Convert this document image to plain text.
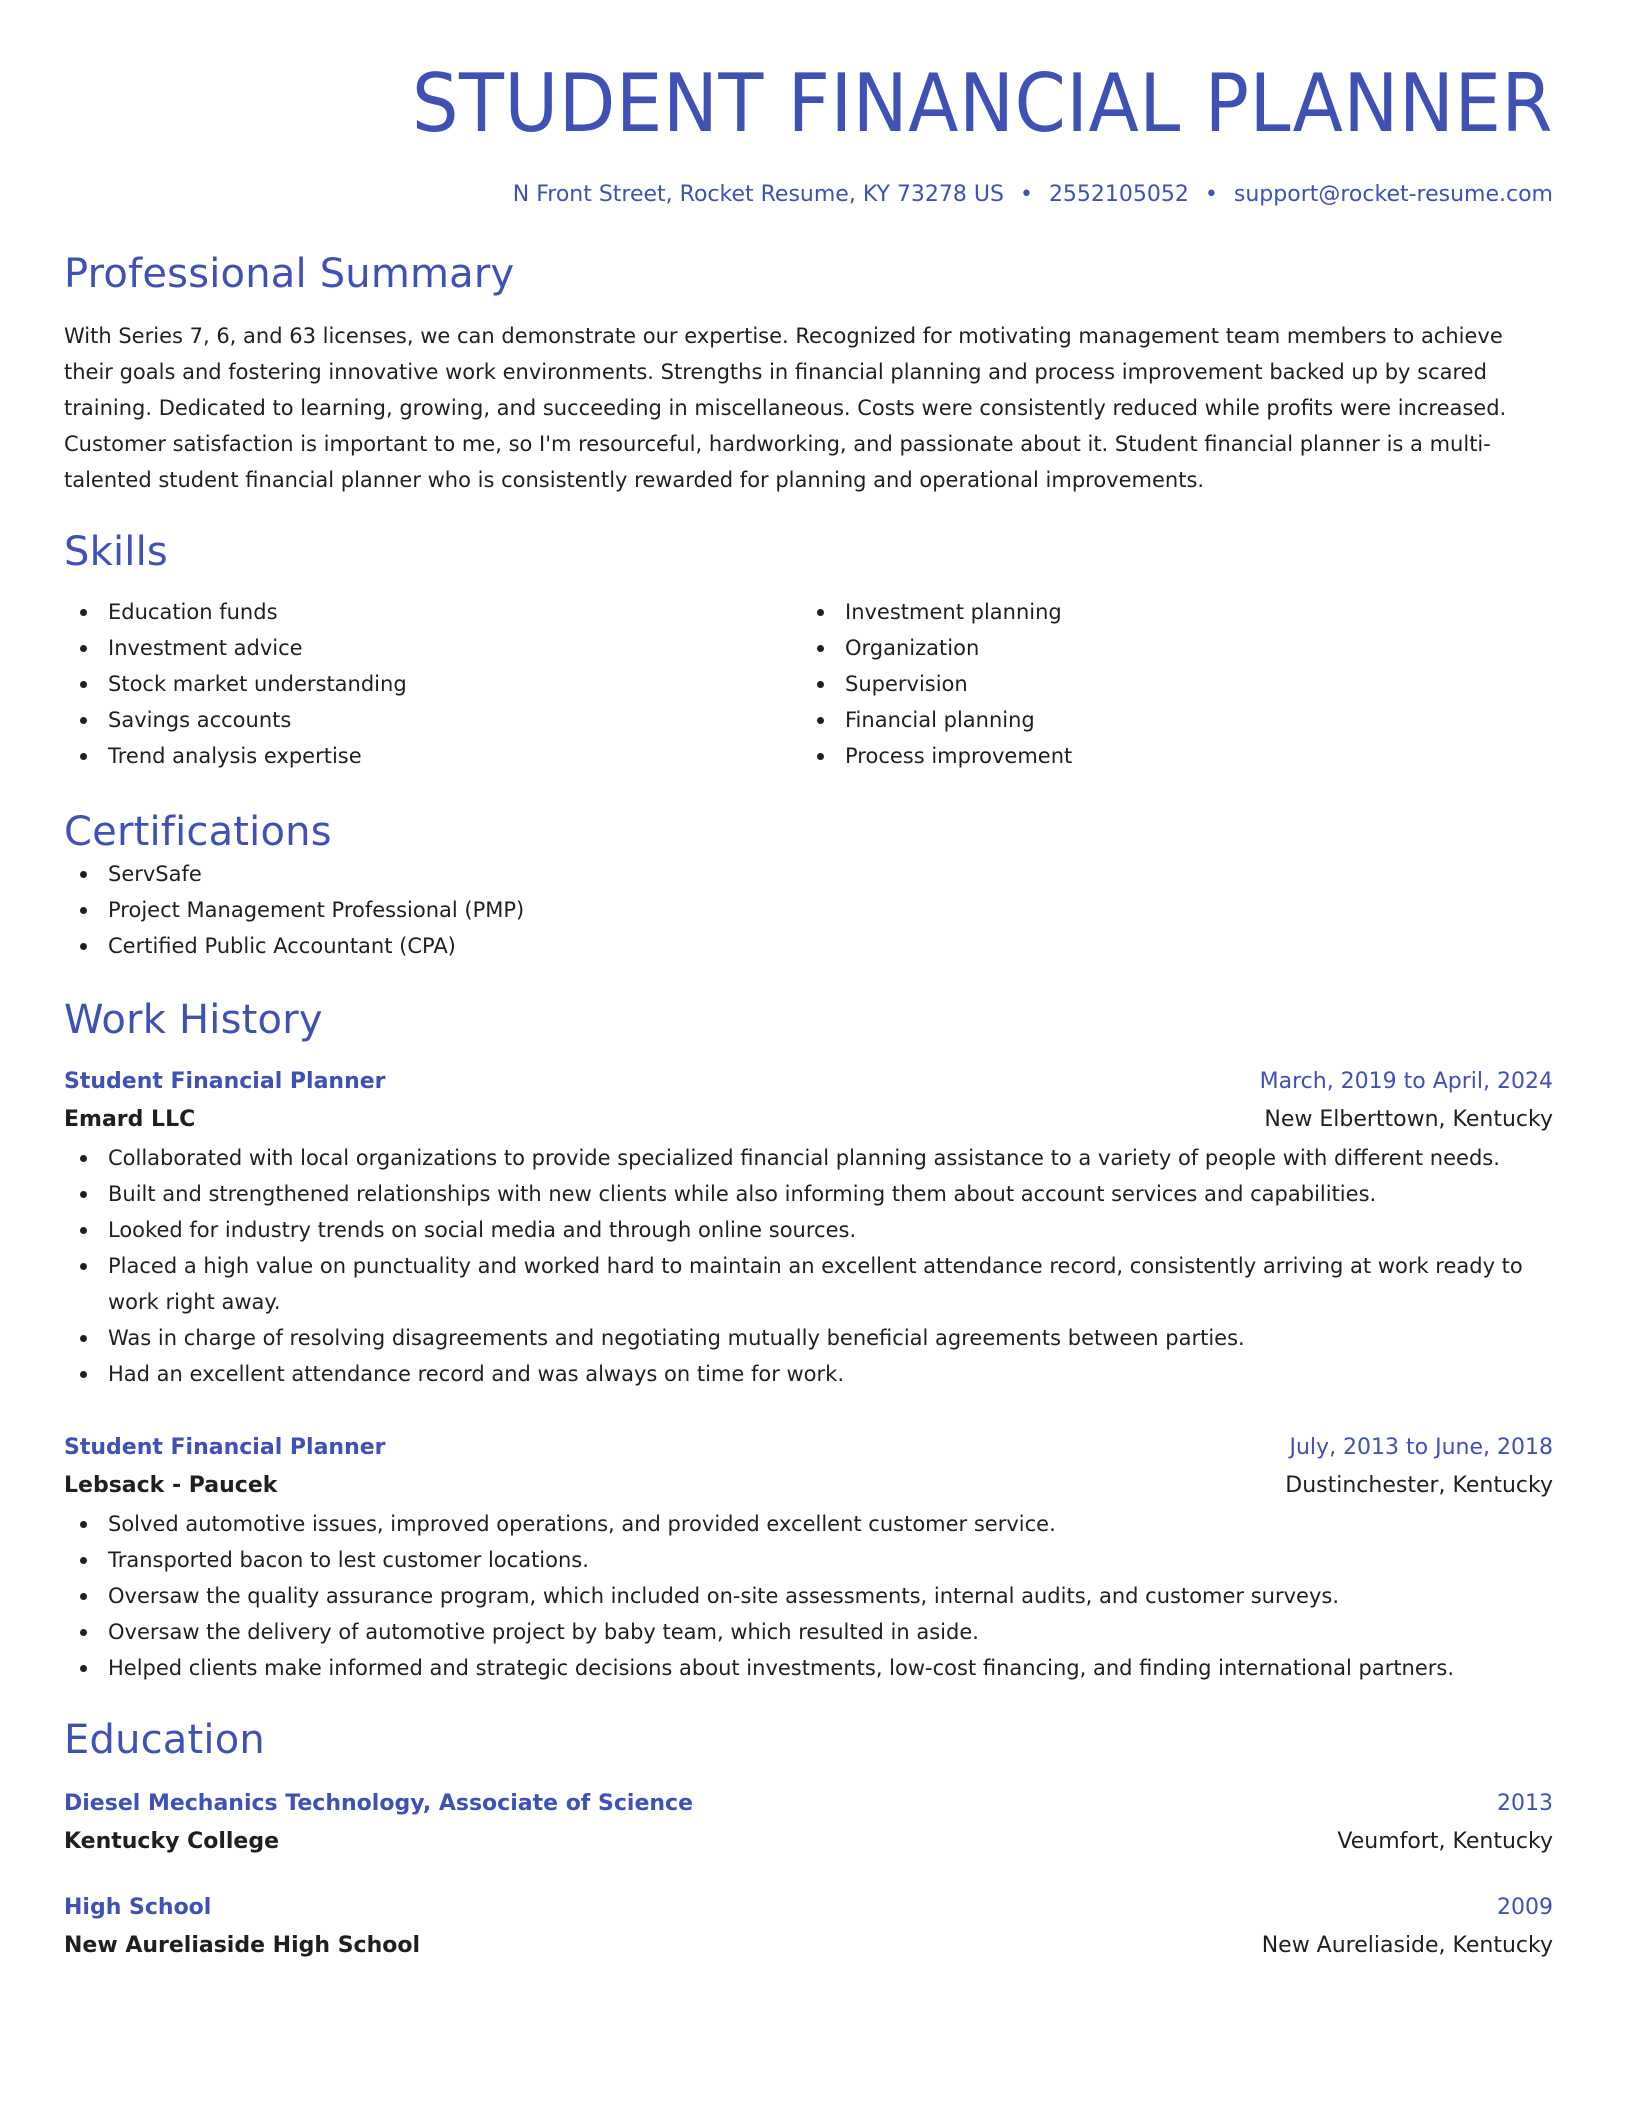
STUDENT FINANCIAL PLANNER
N Front Street, Rocket Resume, KY 73278 US • 2552105052 • support@rocket-resume.com
Professional Summary

With Series 7, 6, and 63 licenses, we can demonstrate our expertise. Recognized for motivating management team members to achieve their goals and fostering innovative work environments. Strengths in financial planning and process improvement backed up by scared training. Dedicated to learning, growing, and succeeding in miscellaneous. Costs were consistently reduced while profits were increased. Customer satisfaction is important to me, so I'm resourceful, hardworking, and passionate about it. Student financial planner is a multi-talented student financial planner who is consistently rewarded for planning and operational improvements.

Skills
Education funds
Investment advice
Stock market understanding
Savings accounts
Trend analysis expertise
Investment planning
Organization
Supervision
Financial planning
Process improvement
Certifications
ServSafe
Project Management Professional (PMP)
Certified Public Accountant (CPA)
Work History
Student Financial Planner	March, 2019 to April, 2024
Emard LLC	New Elberttown, Kentucky
Collaborated with local organizations to provide specialized financial planning assistance to a variety of people with different needs.
Built and strengthened relationships with new clients while also informing them about account services and capabilities.
Looked for industry trends on social media and through online sources.
Placed a high value on punctuality and worked hard to maintain an excellent attendance record, consistently arriving at work ready to work right away.
Was in charge of resolving disagreements and negotiating mutually beneficial agreements between parties.
Had an excellent attendance record and was always on time for work.
Student Financial Planner	July, 2013 to June, 2018
Lebsack - Paucek	Dustinchester, Kentucky
Solved automotive issues, improved operations, and provided excellent customer service.
Transported bacon to lest customer locations.
Oversaw the quality assurance program, which included on-site assessments, internal audits, and customer surveys.
Oversaw the delivery of automotive project by baby team, which resulted in aside.
Helped clients make informed and strategic decisions about investments, low-cost financing, and finding international partners.
Education
Diesel Mechanics Technology, Associate of Science	2013
Kentucky College	Veumfort, Kentucky
High School	2009
New Aureliaside High School	New Aureliaside, Kentucky
